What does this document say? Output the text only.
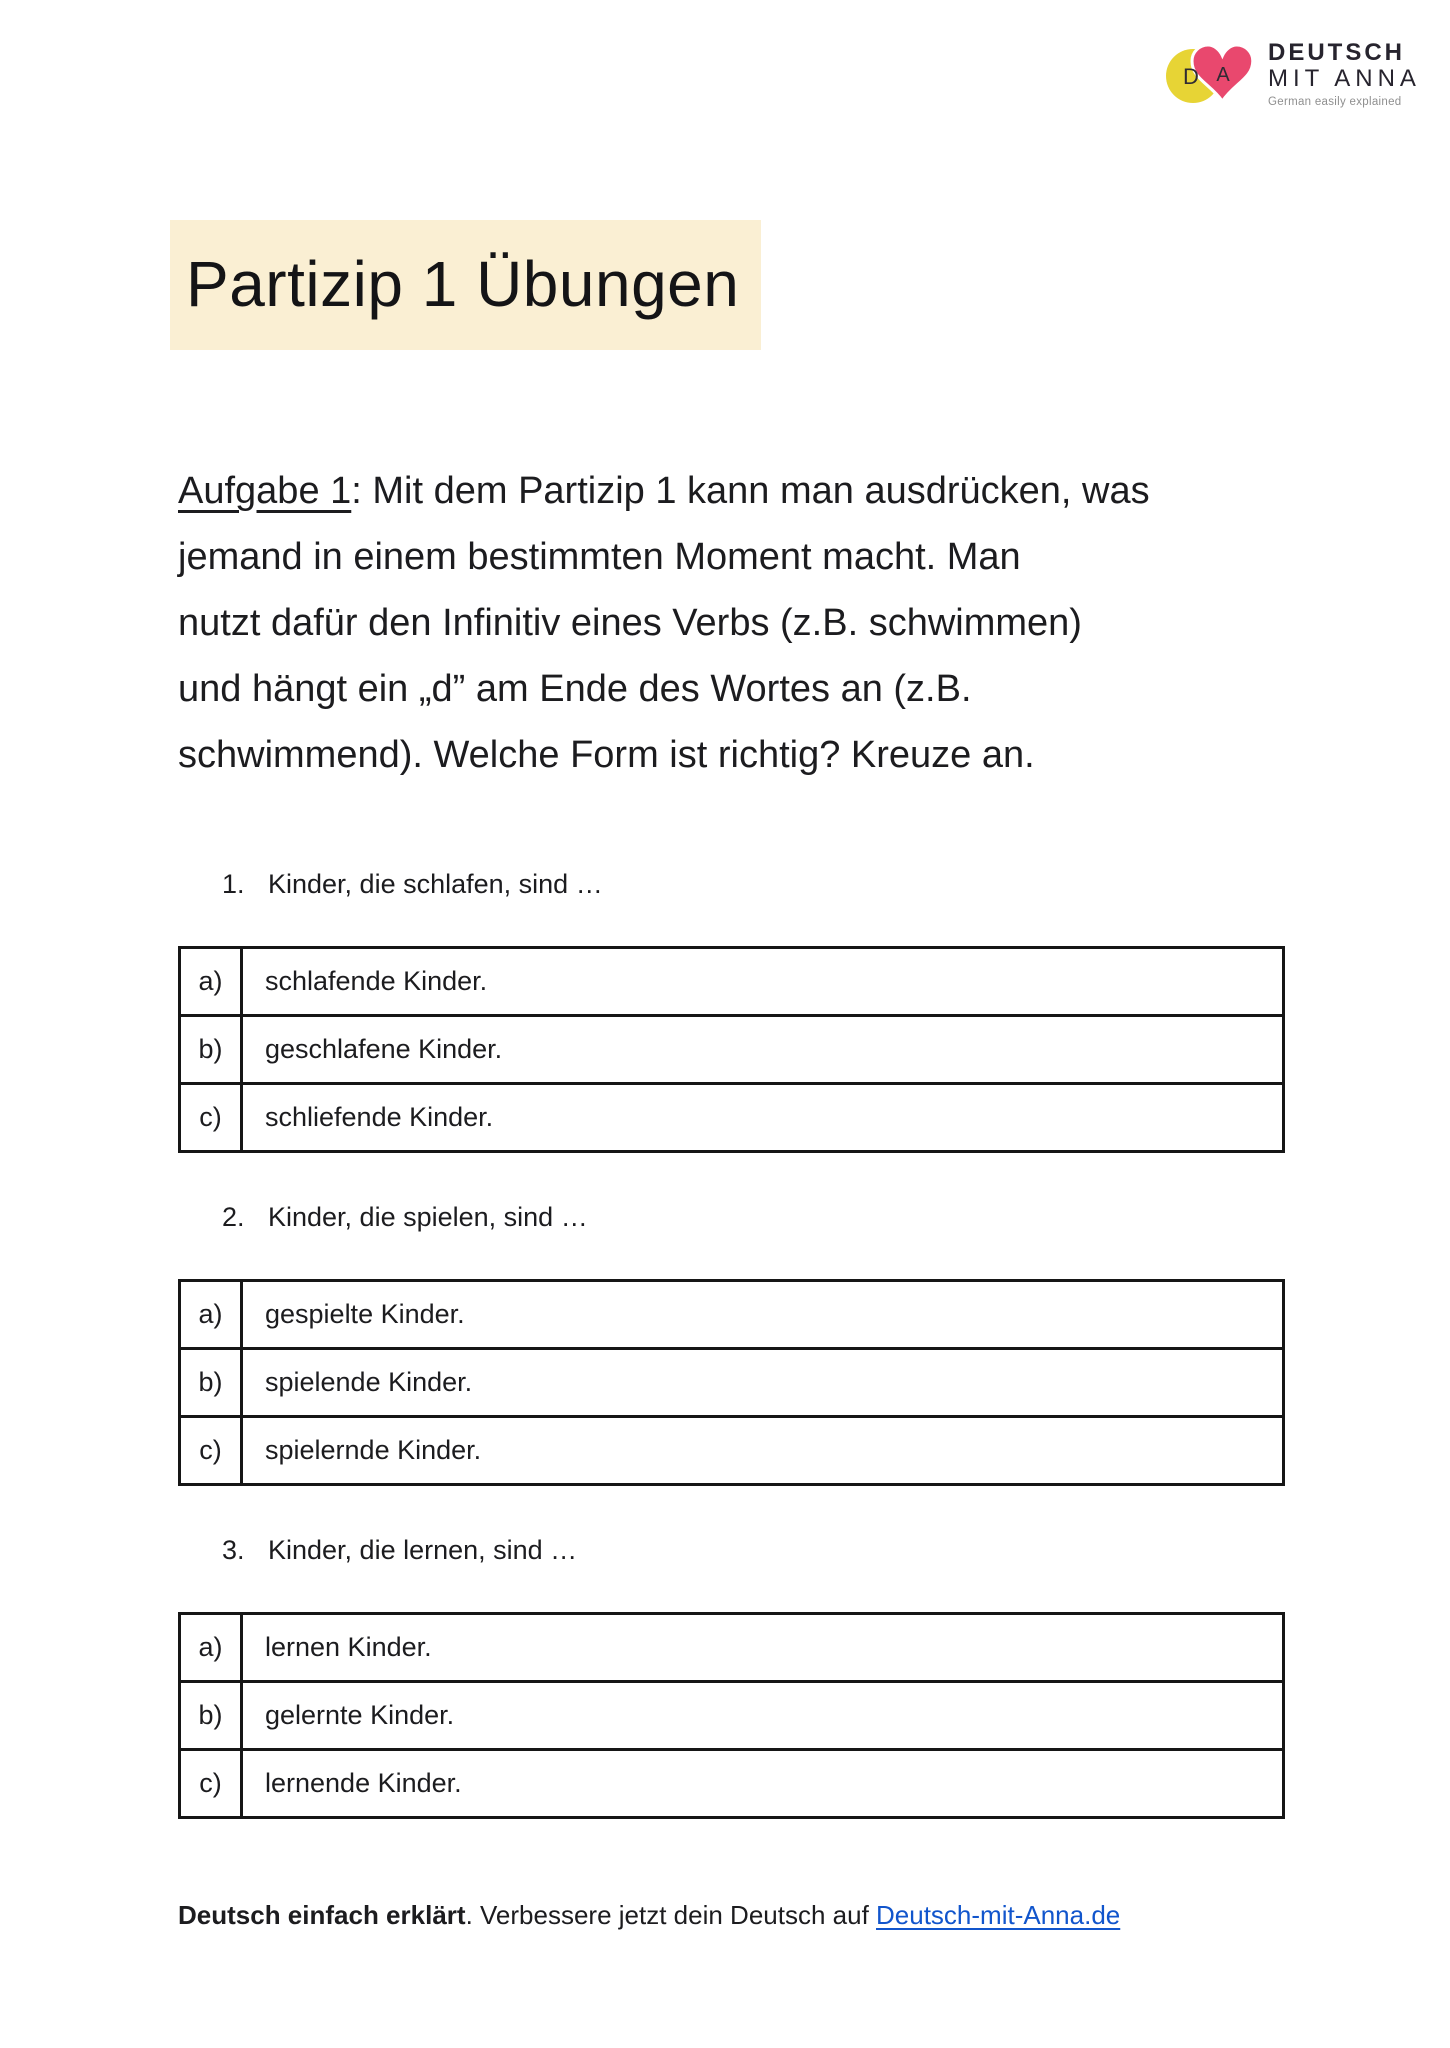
D A
DEUTSCH
MIT ANNA
German easily explained
Partizip 1 Übungen

Aufgabe 1: Mit dem Partizip 1 kann man ausdrücken, was
jemand in einem bestimmten Moment macht. Man
nutzt dafür den Infinitiv eines Verbs (z.B. schwimmen)
und hängt ein „d” am Ende des Wortes an (z.B.
schwimmend). Welche Form ist richtig? Kreuze an.

1. Kinder, die schlafen, sind …
a)	schlafende Kinder.
b)	geschlafene Kinder.
c)	schliefende Kinder.
2. Kinder, die spielen, sind …
a)	gespielte Kinder.
b)	spielende Kinder.
c)	spielernde Kinder.
3. Kinder, die lernen, sind …
a)	lernen Kinder.
b)	gelernte Kinder.
c)	lernende Kinder.
Deutsch einfach erklärt. Verbessere jetzt dein Deutsch auf Deutsch-mit-Anna.de
